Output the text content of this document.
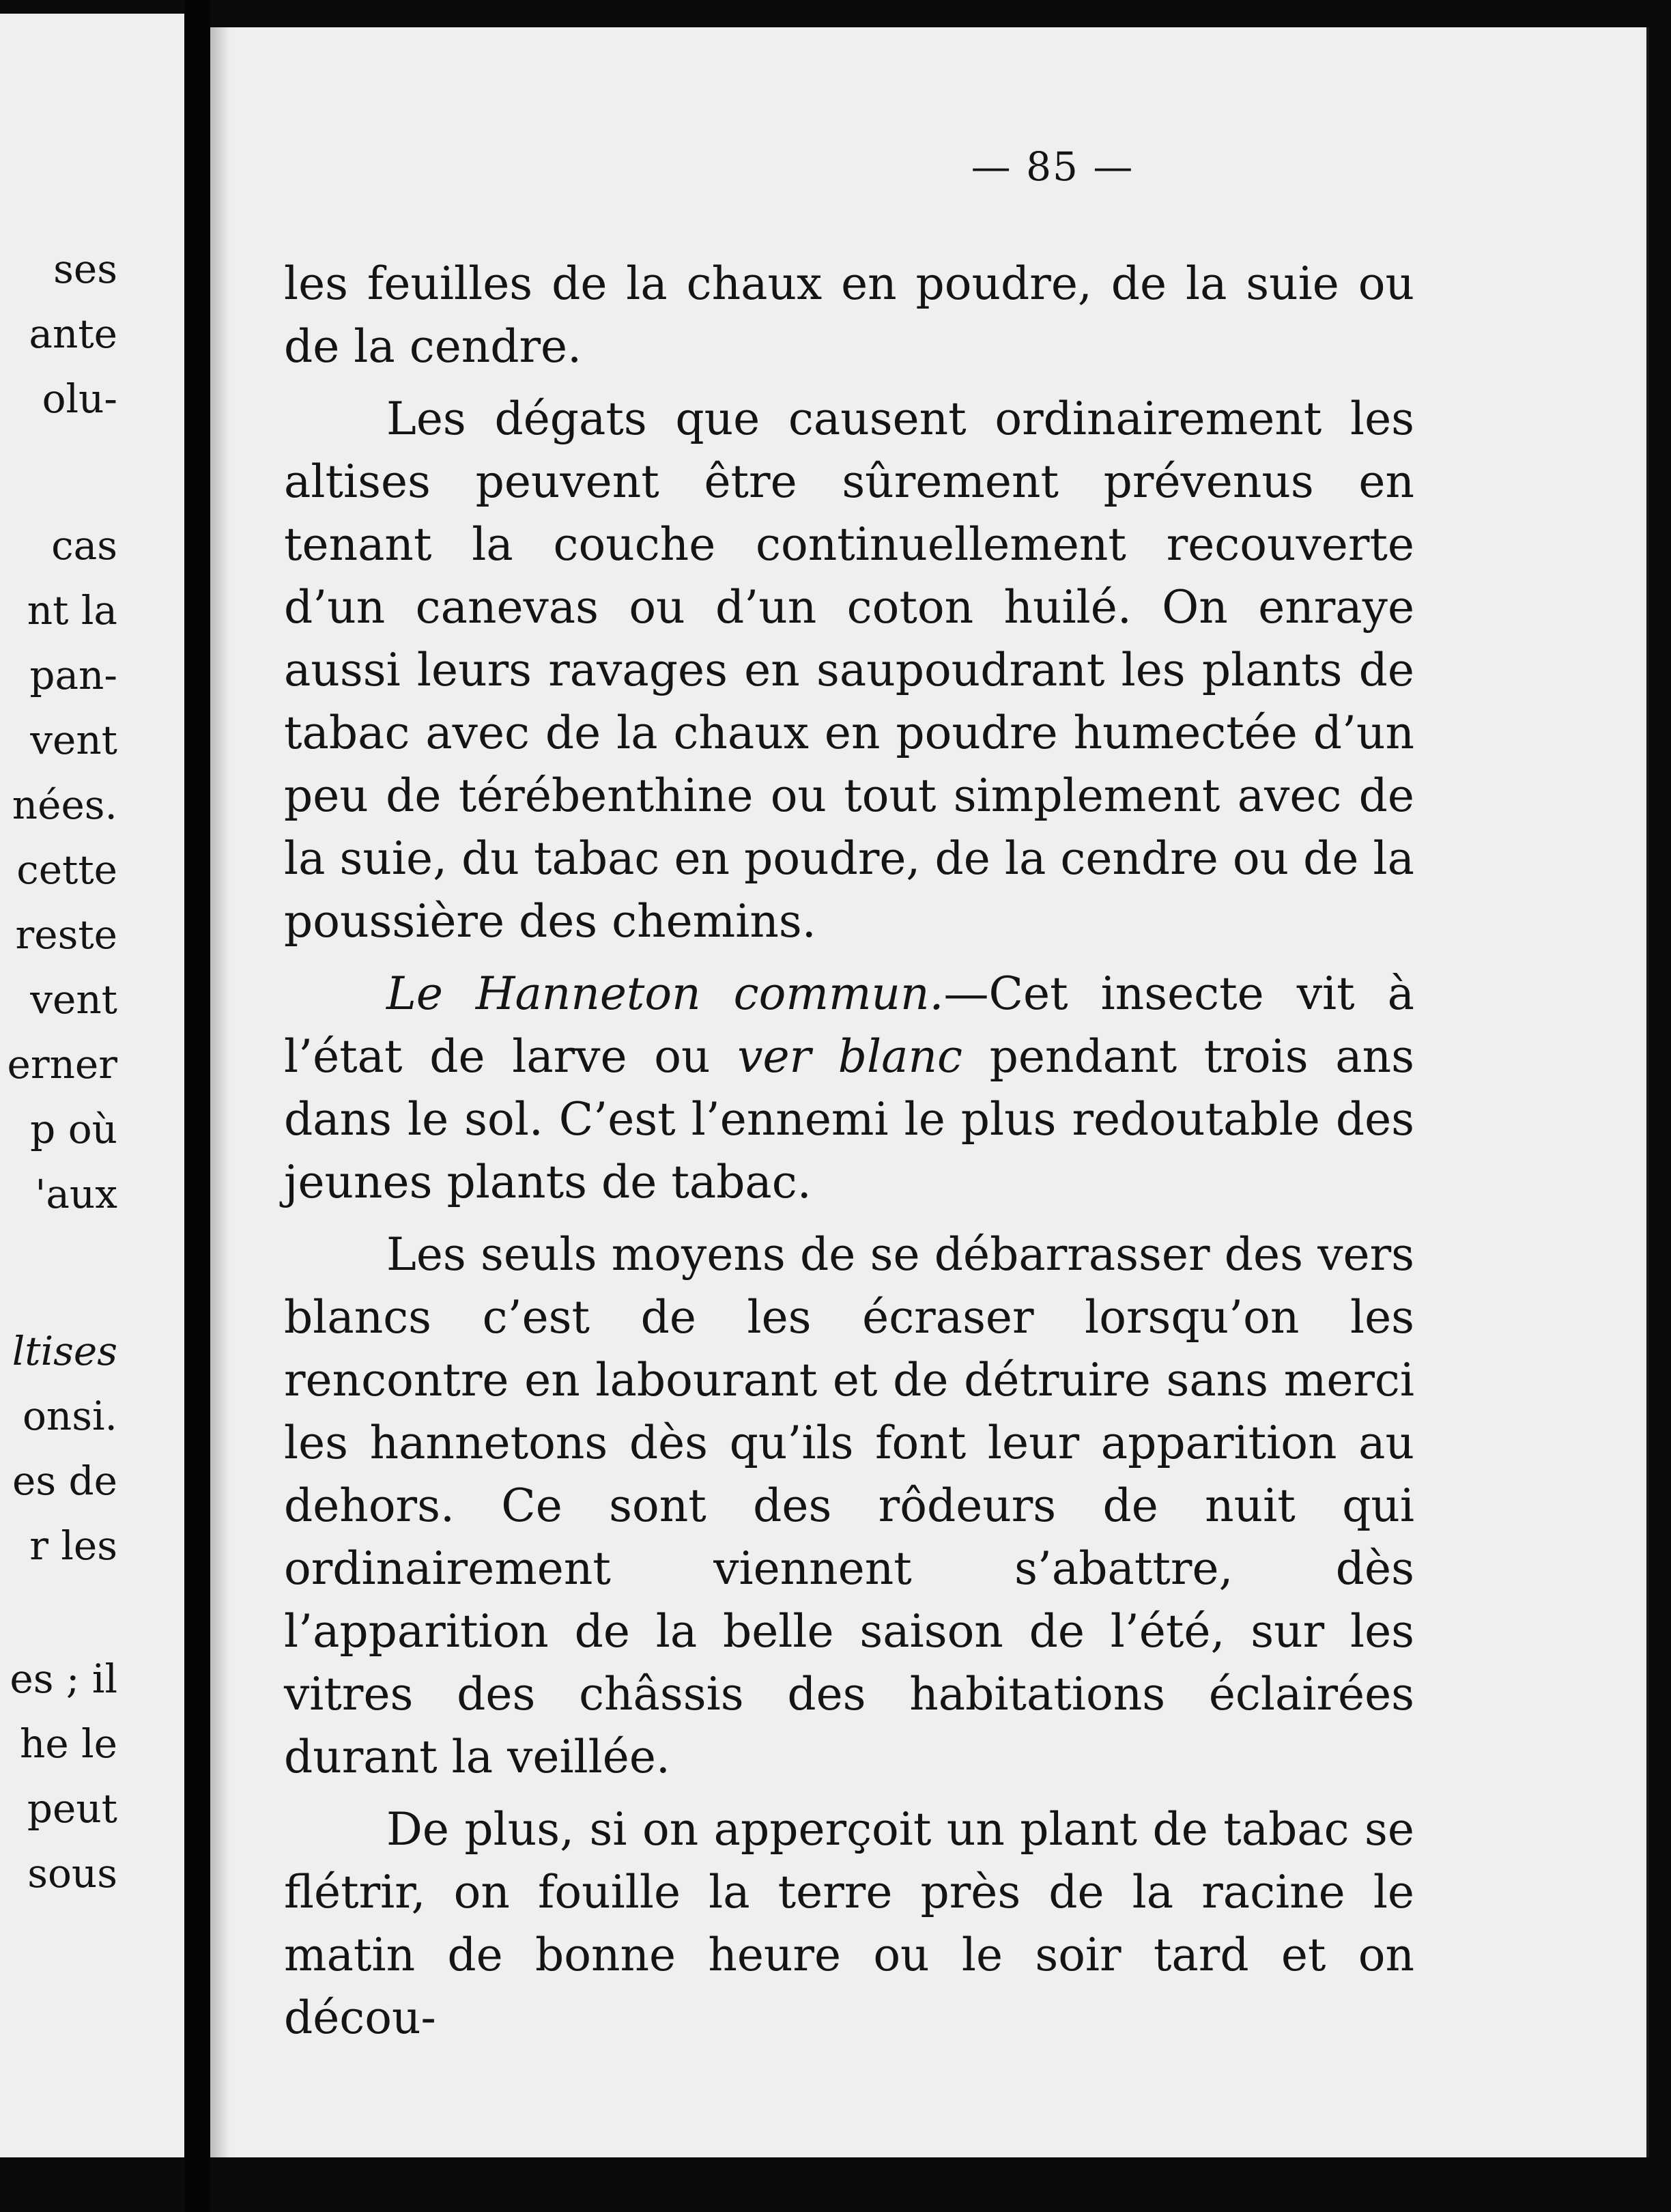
ses

ante

olu-

cas

nt la

pan-

vent

nées.

cette

reste

vent

erner

p où

'aux

ltises

onsi.

es de

r les

es ; il

he le

peut

sous

— 85 —

les feuilles de la chaux en poudre, de la suie ou de la cendre.

Les dégats que causent ordinairement les altises peuvent être sûrement prévenus en tenant la couche continuellement recouverte d’un canevas ou d’un coton huilé. On enraye aussi leurs ravages en saupoudrant les plants de tabac avec de la chaux en poudre humectée d’un peu de térébenthine ou tout simplement avec de la suie, du tabac en poudre, de la cendre ou de la poussière des chemins.

Le Hanneton commun.—Cet insecte vit à l’état de larve ou ver blanc pendant trois ans dans le sol. C’est l’ennemi le plus redoutable des jeunes plants de tabac.

Les seuls moyens de se débarrasser des vers blancs c’est de les écraser lorsqu’on les rencontre en labourant et de détruire sans merci les hannetons dès qu’ils font leur apparition au dehors. Ce sont des rôdeurs de nuit qui ordinairement viennent s’abattre, dès l’apparition de la belle saison de l’été, sur les vitres des châssis des habitations éclairées durant la veillée.

De plus, si on apperçoit un plant de tabac se flétrir, on fouille la terre près de la racine le matin de bonne heure ou le soir tard et on décou-
